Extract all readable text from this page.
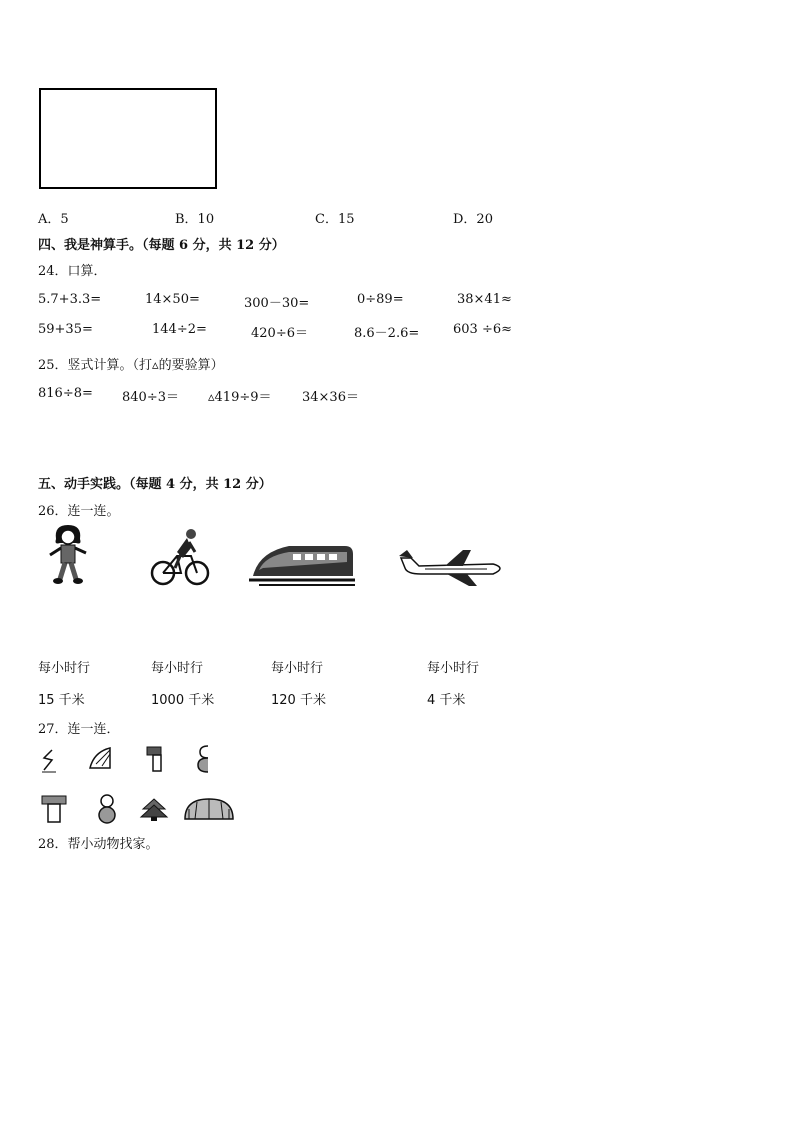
A．5	B．10	C．15	D．20
四、我是神算手。（每题 6 分，共 12 分）
24．口算．
5.7+3.3=	14×50=	300－30=	0÷89=	38×41≈
59+35=	144÷2=	420÷6＝	8.6－2.6=	603 ÷6≈
25．竖式计算。（打▵的要验算）
816÷8= 840÷3＝ ▵419÷9＝ 34×36＝
五、动手实践。（每题 4 分，共 12 分）
26．连一连。
每小时行	每小时行	每小时行	每小时行
15 千米	1000 千米	120 千米	4 千米
27．连一连．
28．帮小动物找家。
